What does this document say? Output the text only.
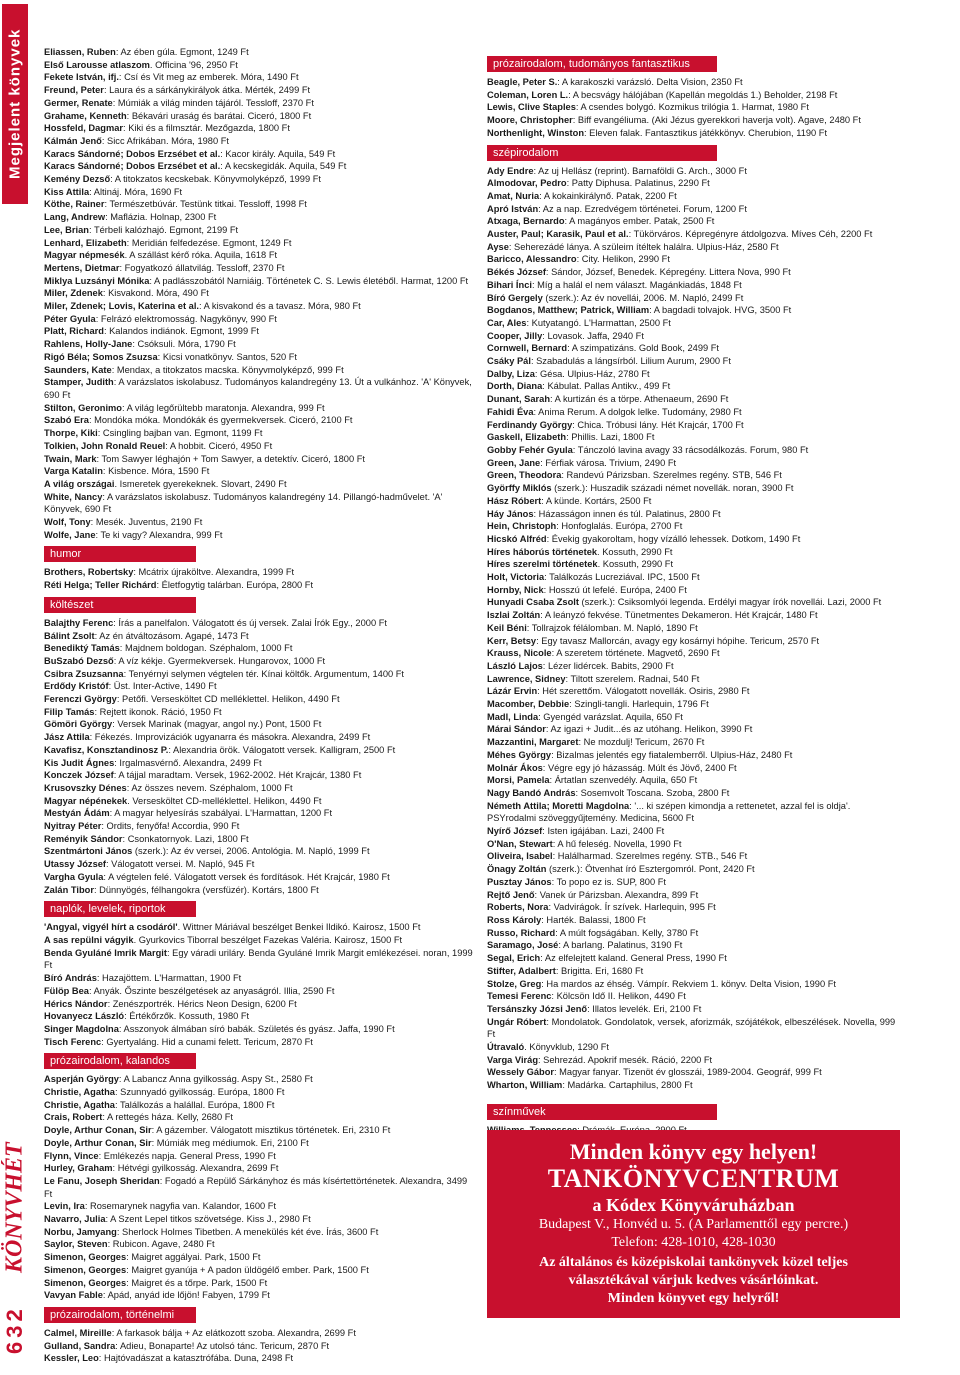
Megjelent könyvek
KÖNYVHÉT
632

Eliassen, Ruben: Az ében gúla. Egmont, 1249 Ft

Első Larousse atlaszom. Officina '96, 2950 Ft

Fekete István, ifj.: Csí és Vit meg az emberek. Móra, 1490 Ft

Freund, Peter: Laura és a sárkánykirályok átka. Mérték, 2499 Ft

Germer, Renate: Múmiák a világ minden tájáról. Tessloff, 2370 Ft

Grahame, Kenneth: Békavári uraság és barátai. Ciceró, 1800 Ft

Hossfeld, Dagmar: Kiki és a filmsztár. Mezőgazda, 1800 Ft

Kálmán Jenő: Sicc Afrikában. Móra, 1980 Ft

Karacs Sándorné; Dobos Erzsébet et al.: Kacor király. Aquila, 549 Ft

Karacs Sándorné; Dobos Erzsébet et al.: A kecskegidák. Aquila, 549 Ft

Kemény Dezső: A titokzatos kecskebak. Könyvmolyképző, 1999 Ft

Kiss Attila: Altináj. Móra, 1690 Ft

Köthe, Rainer: Természetbúvár. Testünk titkai. Tessloff, 1998 Ft

Lang, Andrew: Maflázia. Holnap, 2300 Ft

Lee, Brian: Térbeli kalózhajó. Egmont, 2199 Ft

Lenhard, Elizabeth: Meridián felfedezése. Egmont, 1249 Ft

Magyar népmesék. A szállást kérő róka. Aquila, 1618 Ft

Mertens, Dietmar: Fogyatkozó állatvilág. Tessloff, 2370 Ft

Miklya Luzsányi Mónika: A padlásszobától Narniáig. Történetek C. S. Lewis életéből. Harmat, 1200 Ft

Miler, Zdenek: Kisvakond. Móra, 490 Ft

Miler, Zdenek; Lovis, Katerina et al.: A kisvakond és a tavasz. Móra, 980 Ft

Péter Gyula: Felrázó elektromosság. Nagykönyv, 990 Ft

Platt, Richard: Kalandos indiánok. Egmont, 1999 Ft

Rahlens, Holly-Jane: Csóksuli. Móra, 1790 Ft

Rigó Béla; Somos Zsuzsa: Kicsi vonatkönyv. Santos, 520 Ft

Saunders, Kate: Mendax, a titokzatos macska. Könyvmolyképző, 999 Ft

Stamper, Judith: A varázslatos iskolabusz. Tudományos kalandregény 13. Út a vulkánhoz. 'A' Könyvek, 690 Ft

Stilton, Geronimo: A világ legőrültebb maratonja. Alexandra, 999 Ft

Szabó Era: Mondóka móka. Mondókák és gyermekversek. Ciceró, 2100 Ft

Thorpe, Kiki: Csingling bajban van. Egmont, 1199 Ft

Tolkien, John Ronald Reuel: A hobbit. Ciceró, 4950 Ft

Twain, Mark: Tom Sawyer léghajón + Tom Sawyer, a detektív. Ciceró, 1800 Ft

Varga Katalin: Kisbence. Móra, 1590 Ft

A világ országai. Ismeretek gyerekeknek. Slovart, 2490 Ft

White, Nancy: A varázslatos iskolabusz. Tudományos kalandregény 14. Pillangó-hadművelet. 'A' Könyvek, 690 Ft

Wolf, Tony: Mesék. Juventus, 2190 Ft

Wolfe, Jane: Te ki vagy? Alexandra, 999 Ft

humor

Brothers, Robertsky: Mcátrix újraköltve. Alexandra, 1999 Ft

Réti Helga; Teller Richárd: Életfogytig talárban. Európa, 2800 Ft

költészet

Balajthy Ferenc: Írás a panelfalon. Válogatott és új versek. Zalai Írók Egy., 2000 Ft

Bálint Zsolt: Az én átváltozásom. Agapé, 1473 Ft

Benediktý Tamás: Majdnem boldogan. Széphalom, 1000 Ft

BuSzabó Dezső: A víz kékje. Gyermekversek. Hungarovox, 1000 Ft

Csibra Zsuzsanna: Tenyérnyi selymen végtelen tér. Kínai költők. Argumentum, 1400 Ft

Erdődy Kristóf: Üst. Inter-Active, 1490 Ft

Ferenczi György: Petőfi. Versesköltet CD melléklettel. Helikon, 4490 Ft

Filip Tamás: Rejtett ikonok. Ráció, 1950 Ft

Gömöri György: Versek Marinak (magyar, angol ny.) Pont, 1500 Ft

Jász Attila: Fékezés. Improvizációk ugyanarra és másokra. Alexandra, 2499 Ft

Kavafisz, Konsztandinosz P.: Alexandria örök. Válogatott versek. Kalligram, 2500 Ft

Kis Judit Ágnes: Irgalmasvérnő. Alexandra, 2499 Ft

Konczek József: A tájjal maradtam. Versek, 1962-2002. Hét Krajcár, 1380 Ft

Krusovszky Dénes: Az összes nevem. Széphalom, 1000 Ft

Magyar népénekek. Versesköltet CD-melléklettel. Helikon, 4490 Ft

Mestyán Ádám: A magyar helyesírás szabályai. L'Harmattan, 1200 Ft

Nyitray Péter: Ordits, fenyőfa! Accordia, 990 Ft

Reményik Sándor: Csonkatornyok. Lazi, 1800 Ft

Szentmártoni János (szerk.): Az év versei, 2006. Antológia. M. Napló, 1999 Ft

Utassy József: Válogatott versei. M. Napló, 945 Ft

Vargha Gyula: A végtelen felé. Válogatott versek és fordítások. Hét Krajcár, 1980 Ft

Zalán Tibor: Dünnyögés, félhangokra (versfüzér). Kortárs, 1800 Ft

naplók, levelek, riportok

'Angyal, vigyél hírt a csodáról'. Wittner Máriával beszélget Benkei Ildikó. Kairosz, 1500 Ft

A sas repülni vágyik. Gyurkovics Tiborral beszélget Fazekas Valéria. Kairosz, 1500 Ft

Benda Gyuláné Imrik Margit: Egy váradi uriláry. Benda Gyuláné Imrik Margit emlékezései. noran, 1999 Ft

Bíró András: Hazajöttem. L'Harmattan, 1900 Ft

Fülöp Bea: Anyák. Őszinte beszélgetések az anyaságról. Illia, 2590 Ft

Hérics Nándor: Zenészportrék. Hérics Neon Design, 6200 Ft

Hovanyecz László: Értékőrzők. Kossuth, 1980 Ft

Singer Magdolna: Asszonyok álmában síró babák. Születés és gyász. Jaffa, 1990 Ft

Tisch Ferenc: Gyertyaláng. Hid a cunami felett. Tericum, 2870 Ft

prózairodalom, kalandos

Asperján György: A Labancz Anna gyilkosság. Aspy St., 2580 Ft

Christie, Agatha: Szunnyadó gyilkosság. Európa, 1800 Ft

Christie, Agatha: Találkozás a halállal. Európa, 1800 Ft

Crais, Robert: A rettegés háza. Kelly, 2680 Ft

Doyle, Arthur Conan, Sir: A gázember. Válogatott misztikus történetek. Eri, 2310 Ft

Doyle, Arthur Conan, Sir: Múmiák meg médiumok. Eri, 2100 Ft

Flynn, Vince: Emlékezés napja. General Press, 1990 Ft

Hurley, Graham: Hétvégi gyilkosság. Alexandra, 2699 Ft

Le Fanu, Joseph Sheridan: Fogadó a Repülő Sárkányhoz és más kísértettörténetek. Alexandra, 3499 Ft

Levin, Ira: Rosemarynek nagyfia van. Kalandor, 1600 Ft

Navarro, Julia: A Szent Lepel titkos szövetsége. Kiss J., 2980 Ft

Norbu, Jamyang: Sherlock Holmes Tibetben. A menekülés két éve. Írás, 3600 Ft

Saylor, Steven: Rubicon. Agave, 2480 Ft

Simenon, Georges: Maigret aggályai. Park, 1500 Ft

Simenon, Georges: Maigret gyanúja + A padon üldögélő ember. Park, 1500 Ft

Simenon, Georges: Maigret és a tőrpe. Park, 1500 Ft

Vavyan Fable: Apád, anyád ide lőjön! Fabyen, 1799 Ft

prózairodalom, történelmi

Calmel, Mireille: A farkasok bálja + Az elátkozott szoba. Alexandra, 2699 Ft

Gulland, Sandra: Adieu, Bonaparte! Az utolsó tánc. Tericum, 2870 Ft

Kessler, Leo: Hajtóvadászat a katasztrófába. Duna, 2498 Ft

prózairodalom, tudományos fantasztikus

Beagle, Peter S.: A karakoszki varázsló. Delta Vision, 2350 Ft

Coleman, Loren L.: A becsvágy hálójában (Kapellán megoldás 1.) Beholder, 2198 Ft

Lewis, Clive Staples: A csendes bolygó. Kozmikus trilógia 1. Harmat, 1980 Ft

Moore, Christopher: Biff evangéliuma. (Aki Jézus gyerekkori haverja volt). Agave, 2480 Ft

Northenlight, Winston: Eleven falak. Fantasztikus játékkönyv. Cherubion, 1190 Ft

szépirodalom

Ady Endre: Az uj Hellász (reprint). Barnaföldi G. Arch., 3000 Ft

Almodovar, Pedro: Patty Diphusa. Palatinus, 2290 Ft

Amat, Nuria: A kokainkirálynő. Patak, 2200 Ft

Apró István: Az a nap. Ezredvégem történetei. Forum, 1200 Ft

Atxaga, Bernardo: A magányos ember. Patak, 2500 Ft

Auster, Paul; Karasik, Paul et al.: Tükörváros. Képregényre átdolgozva. Míves Céh, 2200 Ft

Ayse: Seherezádé lánya. A szüleim ítéltek halálra. Ulpius-Ház, 2580 Ft

Baricco, Alessandro: City. Helikon, 2990 Ft

Békés József: Sándor, József, Benedek. Képregény. Littera Nova, 990 Ft

Bihari Ínci: Míg a halál el nem választ. Magánkiadás, 1848 Ft

Bíró Gergely (szerk.): Az év novellái, 2006. M. Napló, 2499 Ft

Bogdanos, Matthew; Patrick, William: A bagdadi tolvajok. HVG, 3500 Ft

Car, Ales: Kutyatangó. L'Harmattan, 2500 Ft

Cooper, Jilly: Lovasok. Jaffa, 2940 Ft

Cornwell, Bernard: A szimpatizáns. Gold Book, 2499 Ft

Csáky Pál: Szabadulás a lángsírból. Lilium Aurum, 2900 Ft

Dalby, Liza: Gésa. Ulpius-Ház, 2780 Ft

Dorth, Diana: Kábulat. Pallas Antikv., 499 Ft

Dunant, Sarah: A kurtizán és a törpe. Athenaeum, 2690 Ft

Fahidi Éva: Anima Rerum. A dolgok lelke. Tudomány, 2980 Ft

Ferdinandy György: Chica. Tróbusi lány. Hét Krajcár, 1700 Ft

Gaskell, Elizabeth: Phillis. Lazi, 1800 Ft

Gobby Fehér Gyula: Tánczoló lavina avagy 33 rácsodálkozás. Forum, 980 Ft

Green, Jane: Férfiak városa. Trivium, 2490 Ft

Green, Theodora: Randevú Párizsban. Szerelmes regény. STB, 546 Ft

Györffy Miklós (szerk.): Huszadik századi német novellák. noran, 3900 Ft

Hász Róbert: A künde. Kortárs, 2500 Ft

Háy János: Házasságon innen és túl. Palatinus, 2800 Ft

Hein, Christoph: Honfoglalás. Európa, 2700 Ft

Hicskó Alfréd: Évekig gyakoroltam, hogy vízálló lehessek. Dotkom, 1490 Ft

Híres háborús történetek. Kossuth, 2990 Ft

Híres szerelmi történetek. Kossuth, 2990 Ft

Holt, Victoria: Találkozás Lucreziával. IPC, 1500 Ft

Hornby, Nick: Hosszú út lefelé. Európa, 2400 Ft

Hunyadi Csaba Zsolt (szerk.): Csiksomlyói legenda. Erdélyi magyar írók novellái. Lazi, 2000 Ft

Iszlai Zoltán: A leányzó fekvése. Tünetmentes Dekameron. Hét Krajcár, 1480 Ft

Keil Béni: Tollrajzok félálomban. M. Napló, 1890 Ft

Kerr, Betsy: Egy tavasz Mallorcán, avagy egy kosárnyi hópihe. Tericum, 2570 Ft

Krauss, Nicole: A szeretem története. Magvető, 2690 Ft

László Lajos: Lézer lidércek. Babits, 2900 Ft

Lawrence, Sidney: Tiltott szerelem. Radnai, 540 Ft

Lázár Ervin: Hét szerettőm. Válogatott novellák. Osiris, 2980 Ft

Macomber, Debbie: Szingli-tangli. Harlequin, 1796 Ft

Madl, Linda: Gyengéd varázslat. Aquila, 650 Ft

Márai Sándor: Az igazi + Judit...és az utóhang. Helikon, 3990 Ft

Mazzantini, Margaret: Ne mozdulj! Tericum, 2670 Ft

Méhes György: Bizalmas jelentés egy fiatalemberről. Ulpius-Ház, 2480 Ft

Molnár Ákos: Végre egy jó házasság. Múlt és Jövő, 2400 Ft

Morsi, Pamela: Ártatlan szenvedély. Aquila, 650 Ft

Nagy Bandó András: Sosemvolt Toscana. Szoba, 2800 Ft

Németh Attila; Moretti Magdolna: '... ki szépen kimondja a rettenetet, azzal fel is oldja'. PSYrodalmi szöveggyűjtemény. Medicina, 5600 Ft

Nyírő József: Isten igájában. Lazi, 2400 Ft

O'Nan, Stewart: A hű feleség. Novella, 1990 Ft

Oliveira, Isabel: Halálharmad. Szerelmes regény. STB., 546 Ft

Önagy Zoltán (szerk.): Ötvenhat író Esztergomról. Pont, 2420 Ft

Pusztay János: To popo ez is. SUP, 800 Ft

Rejtő Jenő: Vanek úr Párizsban. Alexandra, 899 Ft

Roberts, Nora: Vadvirágok. Ír szívek. Harlequin, 995 Ft

Ross Károly: Harték. Balassi, 1800 Ft

Russo, Richard: A múlt fogságában. Kelly, 3780 Ft

Saramago, José: A barlang. Palatinus, 3190 Ft

Segal, Erich: Az elfelejtett kaland. General Press, 1990 Ft

Stifter, Adalbert: Brigitta. Eri, 1680 Ft

Stolze, Greg: Ha mardos az éhség. Vámpír. Rekviem 1. könyv. Delta Vision, 1990 Ft

Temesi Ferenc: Kölcsön Idő II. Helikon, 4490 Ft

Tersánszky Józsi Jenő: Illatos levelék. Eri, 2100 Ft

Ungár Róbert: Mondolatok. Gondolatok, versek, aforizmák, szójátékok, elbeszélések. Novella, 999 Ft

Útravaló. Könyvklub, 1290 Ft

Varga Virág: Sehrezád. Apokrif mesék. Ráció, 2200 Ft

Wessely Gábor: Magyar fanyar. Tizenöt év glosszái, 1989-2004. Geográf, 999 Ft

Wharton, William: Madárka. Cartaphilus, 2800 Ft

színművek

Minden könyv egy helyen!
TANKÖNYVCENTRUM
a Kódex Könyváruházban
Budapest V., Honvéd u. 5. (A Parlamenttől egy percre.)
Telefon: 428-1010, 428-1030
Az általános és középiskolai tankönyvek közel teljes
választékával várjuk kedves vásárlóinkat.
Minden könyvet egy helyről!
